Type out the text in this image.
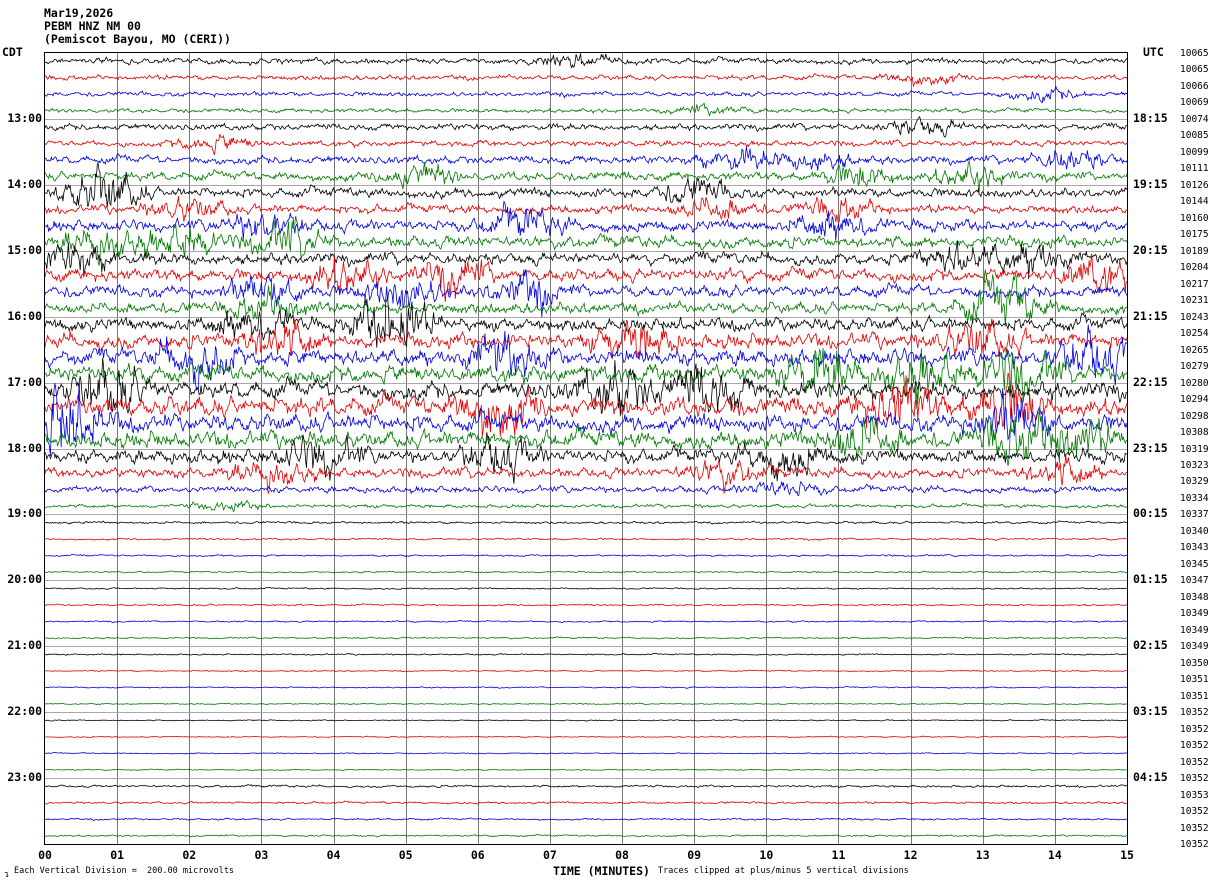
Mar19,2026
PEBM HNZ NM 00
(Pemiscot Bayou, MO (CERI))
CDT	UTC
13:00
14:00
15:00
16:00
17:00
18:00
19:00
20:00
21:00
22:00
23:00
18:15
19:15
20:15
21:15
22:15
23:15
00:15
01:15
02:15
03:15
04:15
10065
10065
10066
10069
10074
10085
10099
10111
10126
10144
10160
10175
10189
10204
10217
10231
10243
10254
10265
10279
10280
10294
10298
10308
10319
10323
10329
10334
10337
10340
10343
10345
10347
10348
10349
10349
10349
10350
10351
10351
10352
10352
10352
10352
10352
10353
10352
10352
10352
00	01	02	03	04	05	06	07	08	09	10	11	12	13	14	15
TIME (MINUTES)
↴ Each Vertical Division =  200.00 microvolts	Traces clipped at plus/minus 5 vertical divisions
